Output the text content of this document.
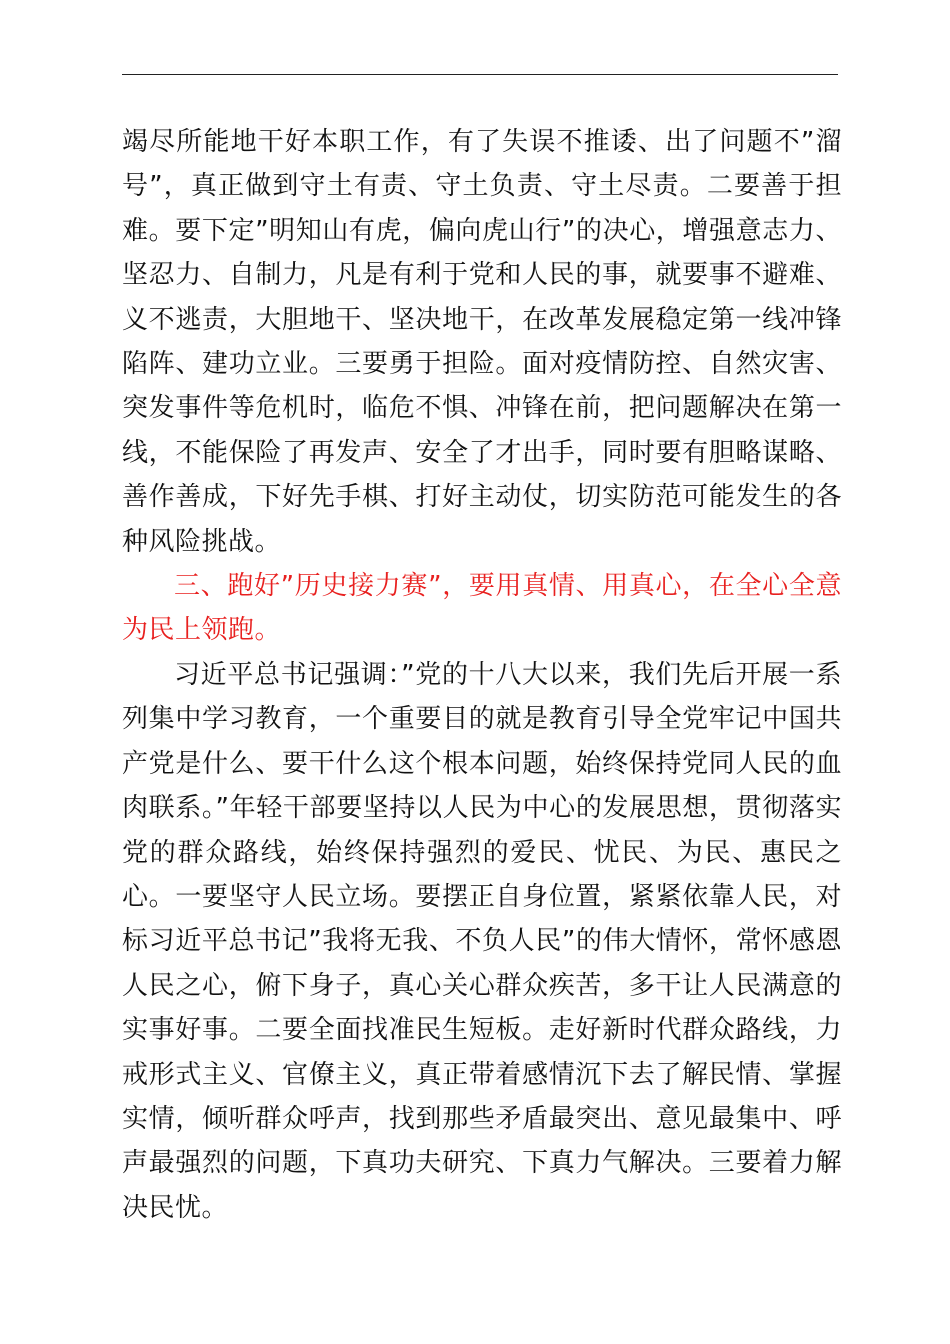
竭尽所能地干好本职工作，有了失误不推诿、出了问题不”溜号”，真正做到守土有责、守土负责、守土尽责。二要善于担难。要下定”明知山有虎，偏向虎山行”的决心，增强意志力、坚忍力、自制力，凡是有利于党和人民的事，就要事不避难、义不逃责，大胆地干、坚决地干，在改革发展稳定第一线冲锋陷阵、建功立业。三要勇于担险。面对疫情防控、自然灾害、突发事件等危机时，临危不惧、冲锋在前，把问题解决在第一线，不能保险了再发声、安全了才出手，同时要有胆略谋略、善作善成，下好先手棋、打好主动仗，切实防范可能发生的各种风险挑战。

三、跑好”历史接力赛”，要用真情、用真心，在全心全意为民上领跑。

习近平总书记强调：”党的十八大以来，我们先后开展一系列集中学习教育，一个重要目的就是教育引导全党牢记中国共产党是什么、要干什么这个根本问题，始终保持党同人民的血肉联系。”年轻干部要坚持以人民为中心的发展思想，贯彻落实党的群众路线，始终保持强烈的爱民、忧民、为民、惠民之心。一要坚守人民立场。要摆正自身位置，紧紧依靠人民，对标习近平总书记”我将无我、不负人民”的伟大情怀，常怀感恩人民之心，俯下身子，真心关心群众疾苦，多干让人民满意的实事好事。二要全面找准民生短板。走好新时代群众路线，力戒形式主义、官僚主义，真正带着感情沉下去了解民情、掌握实情，倾听群众呼声，找到那些矛盾最突出、意见最集中、呼声最强烈的问题，下真功夫研究、下真力气解决。三要着力解决民忧。
